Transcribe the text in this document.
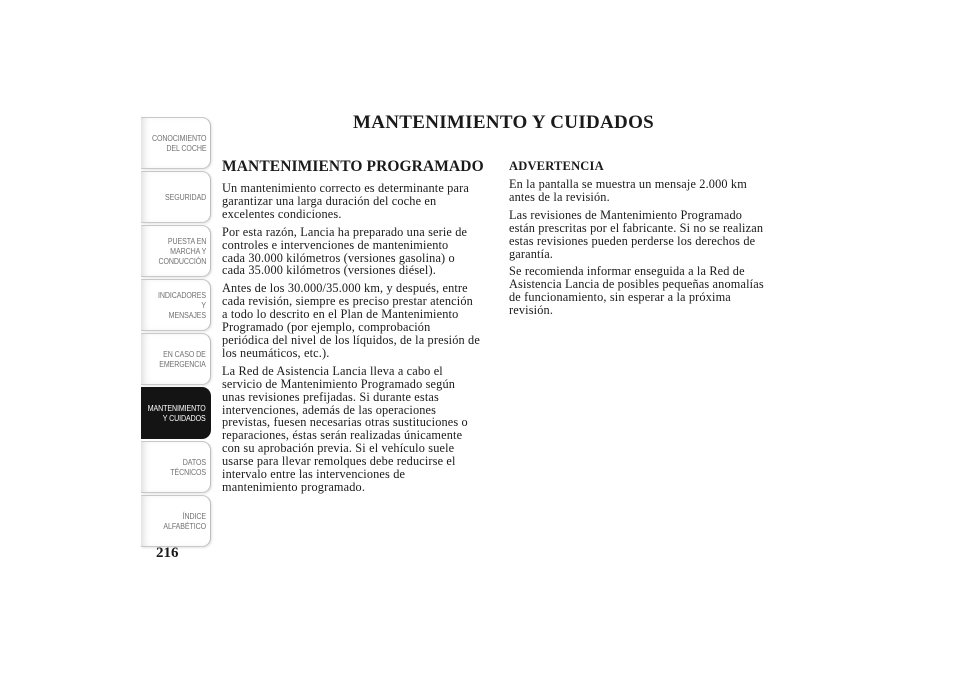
CONOCIMIENTO
DEL COCHE
SEGURIDAD
PUESTA EN
MARCHA Y
CONDUCCIÓN
INDICADORES Y
MENSAJES
EN CASO DE
EMERGENCIA
MANTENIMIENTO
Y CUIDADOS
DATOS TÉCNICOS
ÍNDICE
ALFABÉTICO
216
MANTENIMIENTO Y CUIDADOS
MANTENIMIENTO PROGRAMADO

Un mantenimiento correcto es determinante para
garantizar una larga duración del coche en
excelentes condiciones.

Por esta razón, Lancia ha preparado una serie de
controles e intervenciones de mantenimiento
cada 30.000 kilómetros (versiones gasolina) o
cada 35.000 kilómetros (versiones diésel).

Antes de los 30.000/35.000 km, y después, entre
cada revisión, siempre es preciso prestar atención
a todo lo descrito en el Plan de Mantenimiento
Programado (por ejemplo, comprobación
periódica del nivel de los líquidos, de la presión de
los neumáticos, etc.).

La Red de Asistencia Lancia lleva a cabo el
servicio de Mantenimiento Programado según
unas revisiones prefijadas. Si durante estas
intervenciones, además de las operaciones
previstas, fuesen necesarias otras sustituciones o
reparaciones, éstas serán realizadas únicamente
con su aprobación previa. Si el vehículo suele
usarse para llevar remolques debe reducirse el
intervalo entre las intervenciones de
mantenimiento programado.

ADVERTENCIA

En la pantalla se muestra un mensaje 2.000 km
antes de la revisión.

Las revisiones de Mantenimiento Programado
están prescritas por el fabricante. Si no se realizan
estas revisiones pueden perderse los derechos de
garantía.

Se recomienda informar enseguida a la Red de
Asistencia Lancia de posibles pequeñas anomalías
de funcionamiento, sin esperar a la próxima
revisión.
